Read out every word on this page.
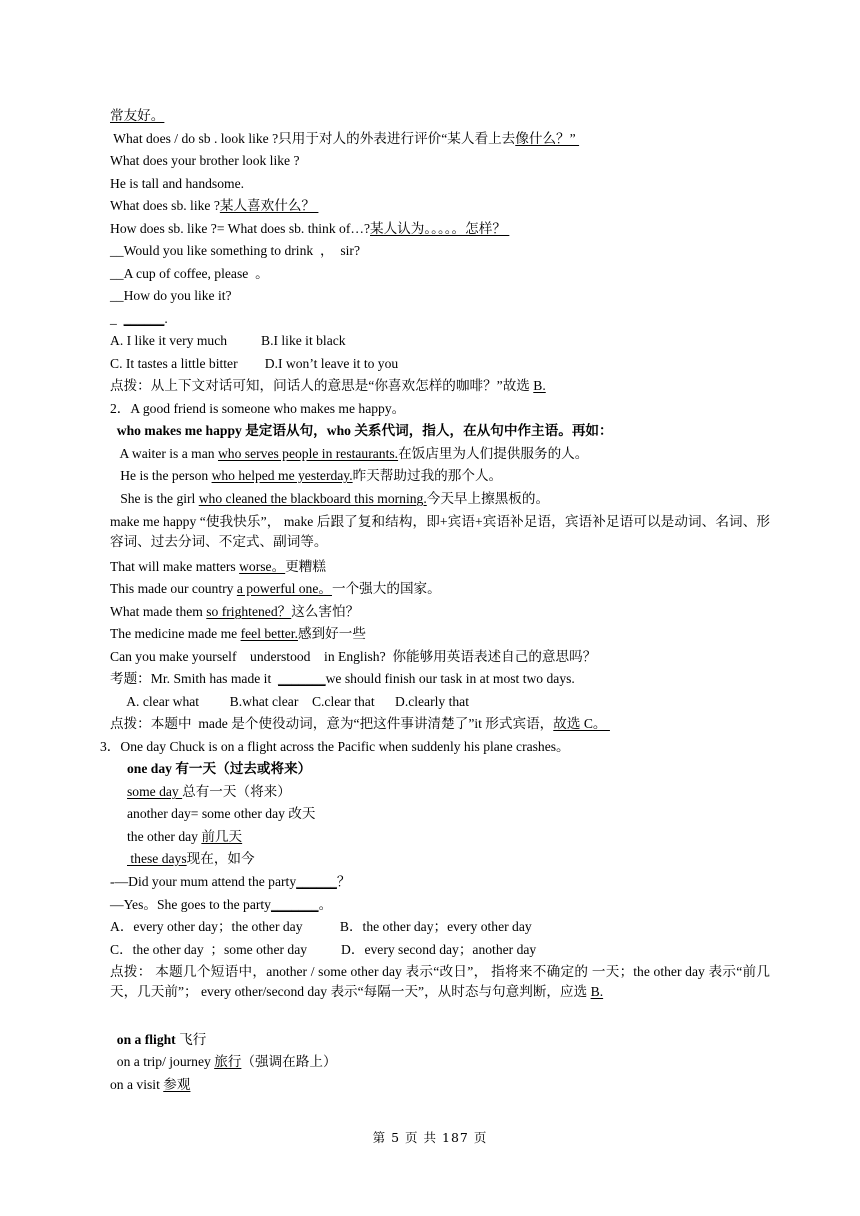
常友好。
What does / do sb . look like ?只用于对人的外表进行评价“某人看上去像什么？”
What does your brother look like ?
He is tall and handsome.
What does sb. like ?某人喜欢什么？
How does sb. like ?= What does sb. think of…?某人认为。。。。。怎样？
__Would you like something to drink  ，  sir?
__A cup of coffee, please  。
__How do you like it?
_  ______.
A. I like it very much          B.I like it black
C. It tastes a little bitter        D.I won’t leave it to you
点拨：从上下文对话可知，问话人的意思是“你喜欢怎样的咖啡？”故选 B.
2．A good friend is someone who makes me happy。
who makes me happy 是定语从句，who 关系代词，指人，在从句中作主语。再如：
A waiter is a man who serves people in restaurants.在饭店里为人们提供服务的人。
He is the person who helped me yesterday.昨天帮助过我的那个人。
She is the girl who cleaned the blackboard this morning.今天早上擦黑板的。
make me happy “使我快乐”， make 后跟了复和结构，即+宾语+宾语补足语，宾语补足语可以是动词、名词、形容词、过去分词、不定式、副词等。
That will make matters worse。更糟糕
This made our country a powerful one。一个强大的国家。
What made them so frightened？这么害怕？
The medicine made me feel better.感到好一些
Can you make yourself    understood    in English?  你能够用英语表述自己的意思吗？
考题：Mr. Smith has made it  _______we should finish our task in at most two days.
A. clear what         B.what clear    C.clear that      D.clearly that
点拨：本题中  made 是个使役动词，意为“把这件事讲清楚了”it 形式宾语，故选 C。
3．One day Chuck is on a flight across the Pacific when suddenly his plane crashes。
one day 有一天（过去或将来）
some day 总有一天（将来）
another day= some other day 改天
the other day 前几天
these days现在，如今
-—Did your mum attend the party______？
—Yes。She goes to the party_______。
A．every other day；the other day           B．the other day；every other day
C．the other day  ；some other day          D．every second day；another day
点拨： 本题几个短语中，another / some other day 表示“改日”， 指将来不确定的 一天；the other day 表示“前几天，几天前”； every other/second day 表示“每隔一天”，从时态与句意判断，应选 B.
on a flight 飞行
on a trip/ journey 旅行（强调在路上）
on a visit 参观
第 5 页 共 187 页
